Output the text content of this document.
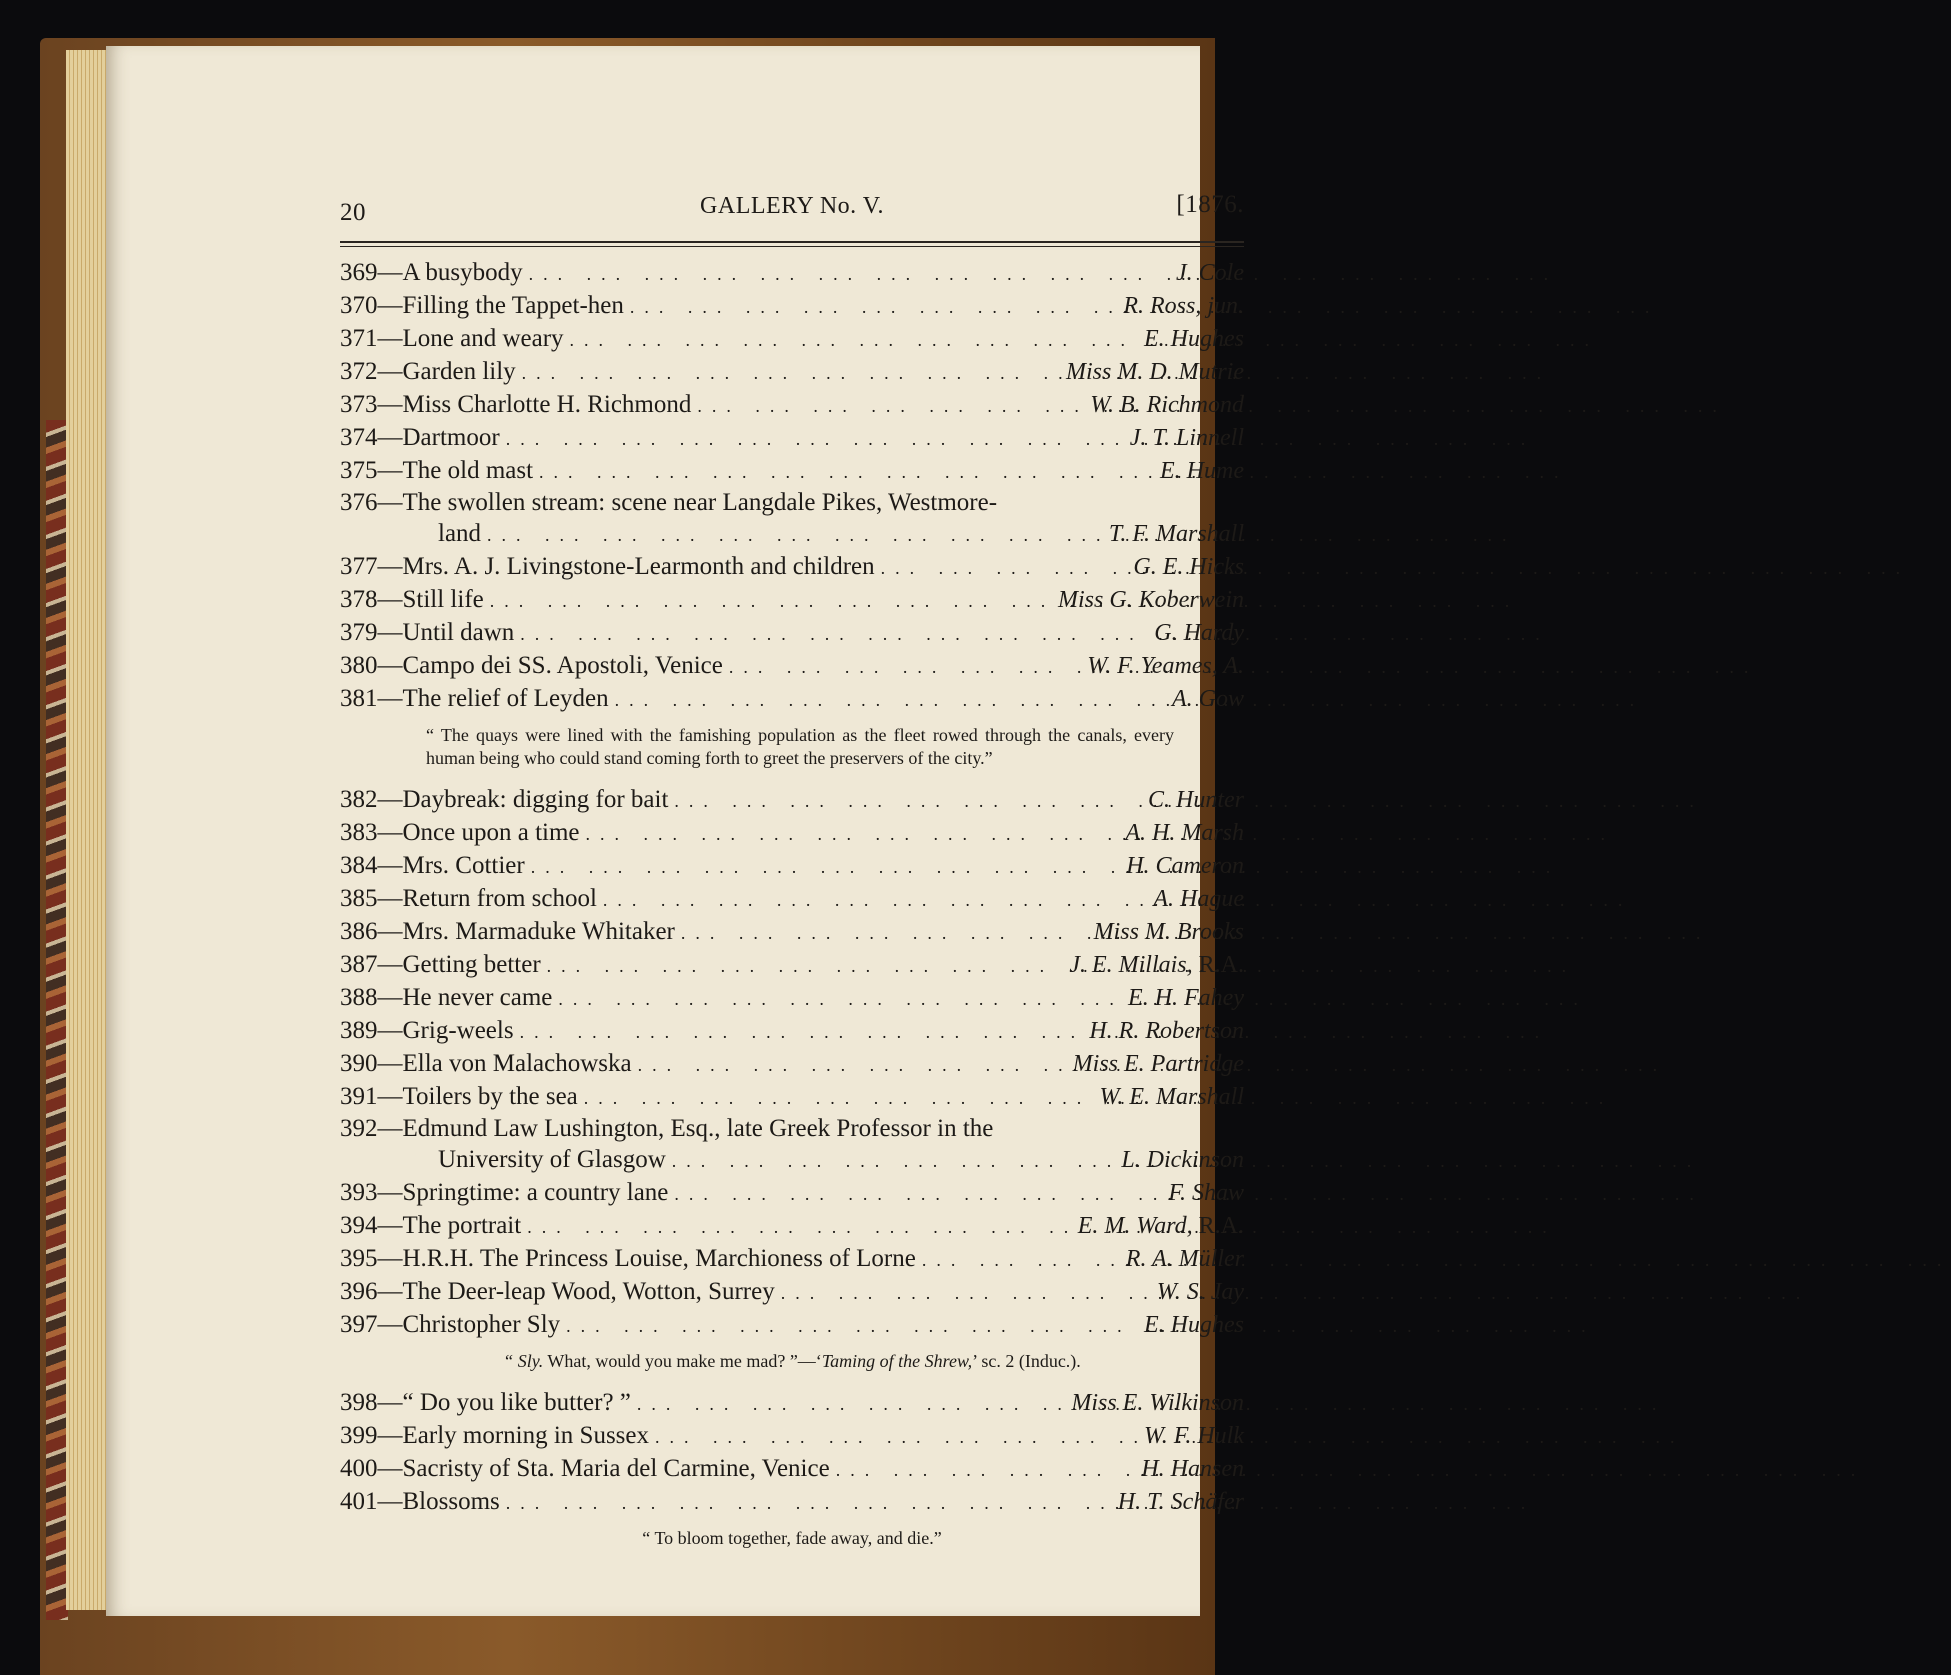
20	GALLERY No. V.	[1876.
369—A busybody ... .	J. Cole
370—Filling the Tappet-hen ... .	R. Ross, jun.
371—Lone and weary ... .	E. Hughes
372—Garden lily ... .	Miss M. D. Mutrie
373—Miss Charlotte H. Richmond ... .	W. B. Richmond
374—Dartmoor ... .	J. T. Linnell
375—The old mast ... .	E. Hume
376—The swollen stream: scene near Langdale Pikes, Westmore-
land ... .	T. F. Marshall
377—Mrs. A. J. Livingstone-Learmonth and children ... .	G. E. Hicks
378—Still life ... .	Miss G. Koberwein
379—Until dawn ... .	G. Hardy
380—Campo dei SS. Apostoli, Venice ... .	W. F. Yeames, A.
381—The relief of Leyden ... .	A. Gow
“ The quays were lined with the famishing population as the fleet rowed through the canals, every human being who could stand coming forth to greet the preservers of the city.”
382—Daybreak: digging for bait ... .	C. Hunter
383—Once upon a time ... .	A. H. Marsh
384—Mrs. Cottier ... .	H. Cameron
385—Return from school ... .	A. Hague
386—Mrs. Marmaduke Whitaker ... .	Miss M. Brooks
387—Getting better ... .	J. E. Millais, R.A.
388—He never came ... .	E. H. Fahey
389—Grig-weels ... .	H. R. Robertson
390—Ella von Malachowska ... .	Miss E. Partridge
391—Toilers by the sea ... .	W. E. Marshall
392—Edmund Law Lushington, Esq., late Greek Professor in the
University of Glasgow ... .	L. Dickinson
393—Springtime: a country lane ... .	F. Shaw
394—The portrait ... .	E. M. Ward, R.A.
395—H.R.H. The Princess Louise, Marchioness of Lorne ... .	R. A. Müller
396—The Deer-leap Wood, Wotton, Surrey ... .	W. S. Jay
397—Christopher Sly ... .	E. Hughes
“ Sly. What, would you make me mad? ”—‘Taming of the Shrew,’ sc. 2 (Induc.).
398—“ Do you like butter? ” ... .	Miss E. Wilkinson
399—Early morning in Sussex ... .	W. F. Hulk
400—Sacristy of Sta. Maria del Carmine, Venice ... .	H. Hansen
401—Blossoms ... .	H. T. Schäfer
“ To bloom together, fade away, and die.”
